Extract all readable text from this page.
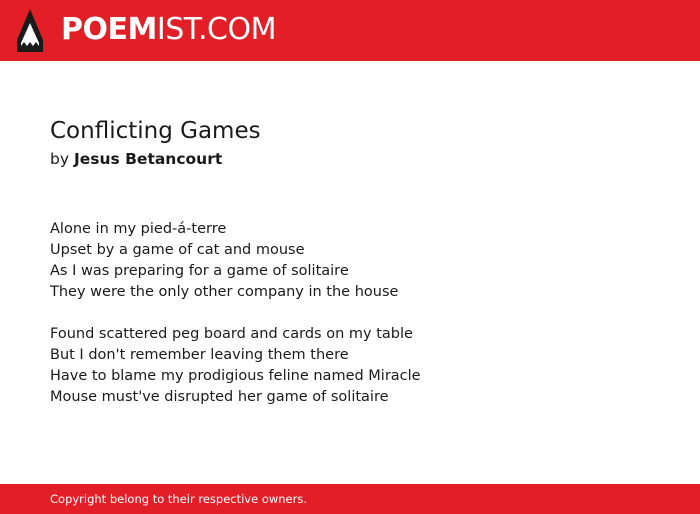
POEMIST.COM
Conflicting Games
by Jesus Betancourt
Alone in my pied-á-terre
Upset by a game of cat and mouse
As I was preparing for a game of solitaire
They were the only other company in the house
Found scattered peg board and cards on my table
But I don't remember leaving them there
Have to blame my prodigious feline named Miracle
Mouse must've disrupted her game of solitaire
Copyright belong to their respective owners.
